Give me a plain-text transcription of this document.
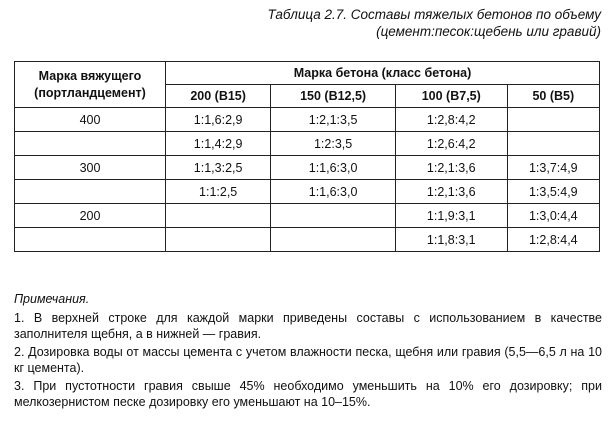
Таблица 2.7. Составы тяжелых бетонов по объему
(цемент:песок:щебень или гравий)
Марка вяжущего (портландцемент)	Марка бетона (класс бетона)			
	200 (В15)	150 (В12,5)	100 (В7,5)	50 (В5)
400	1:1,6:2,9	1:2,1:3,5	1:2,8:4,2	
	1:1,4:2,9	1:2:3,5	1:2,6:4,2	
300	1:1,3:2,5	1:1,6:3,0	1:2,1:3,6	1:3,7:4,9
	1:1:2,5	1:1,6:3,0	1:2,1:3,6	1:3,5:4,9
200			1:1,9:3,1	1:3,0:4,4
			1:1,8:3,1	1:2,8:4,4
Примечания.
1. В верхней строке для каждой марки приведены составы с использованием в качестве заполнителя щебня, а в нижней — гравия.
2. Дозировка воды от массы цемента с учетом влажности песка, щебня или гравия (5,5—6,5 л на 10 кг цемента).
3. При пустотности гравия свыше 45% необходимо уменьшить на 10% его дозировку; при мелкозернистом песке дозировку его уменьшают на 10–15%.
